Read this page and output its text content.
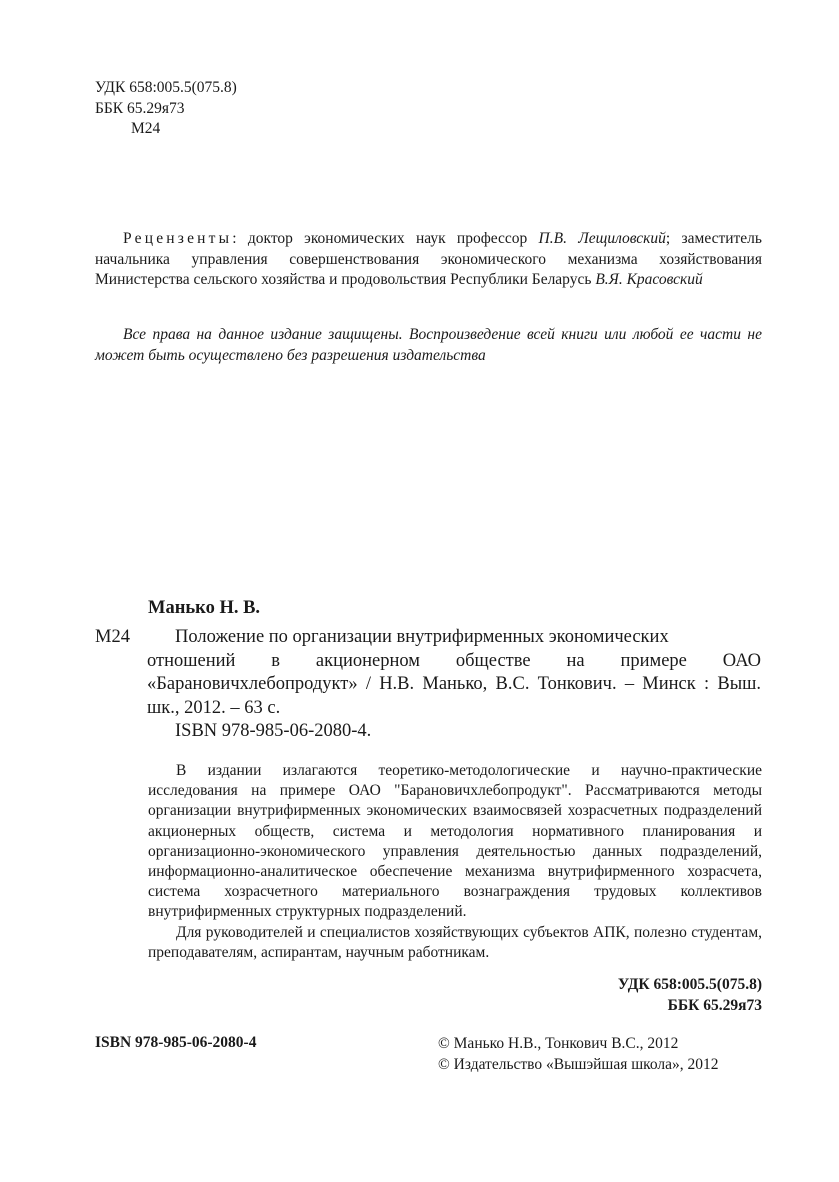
УДК 658:005.5(075.8)
ББК 65.29я73
М24
Рецензенты: доктор экономических наук профессор П.В. Лещиловский; заместитель начальника управления совершенствования экономического механизма хозяйствования Министерства сельского хозяйства и продовольствия Республики Беларусь В.Я. Красовский
Все права на данное издание защищены. Воспроизведение всей книги или любой ее части не может быть осуществлено без разрешения издательства
Манько Н. В.
М24 Положение по организации внутрифирменных экономических
отношений в акционерном обществе на примере ОАО «Барановичхлебопродукт» / Н.В. Манько, В.С. Тонкович. – Минск : Выш. шк., 2012. – 63 с.
ISBN 978-985-06-2080-4.

В издании излагаются теоретико-методологические и научно-практические исследования на примере ОАО "Барановичхлебопродукт". Рассматриваются методы организации внутрифирменных экономических взаимосвязей хозрасчетных подразделений акционерных обществ, система и методология нормативного планирования и организационно-экономического управления деятельностью данных подразделений, информационно-аналитическое обеспечение механизма внутрифирменного хозрасчета, система хозрасчетного материального вознаграждения трудовых коллективов внутрифирменных структурных подразделений.

Для руководителей и специалистов хозяйствующих субъектов АПК, полезно студентам, преподавателям, аспирантам, научным работникам.

УДК 658:005.5(075.8)
ББК 65.29я73
ISBN 978-985-06-2080-4	© Манько Н.В., Тонкович В.С., 2012
© Издательство «Вышэйшая школа», 2012
